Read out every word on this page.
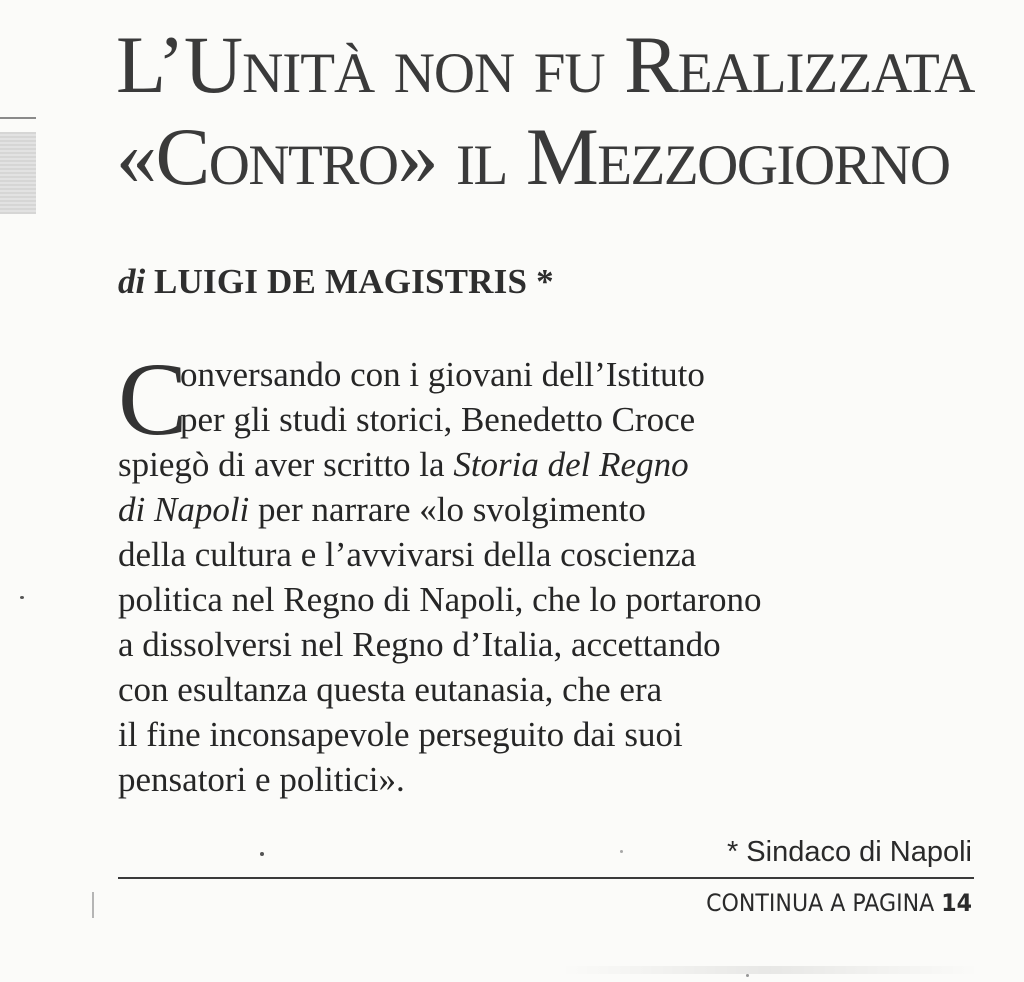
L’Unità non fu Realizzata
«Contro» il Mezzogiorno

di LUIGI DE MAGISTRIS *

C
onversando con i giovani dell’Istituto
per gli studi storici, Benedetto Croce
spiegò di aver scritto la Storia del Regno
di Napoli per narrare «lo svolgimento
della cultura e l’avvivarsi della coscienza
politica nel Regno di Napoli, che lo portarono
a dissolversi nel Regno d’Italia, accettando
con esultanza questa eutanasia, che era
il fine inconsapevole perseguito dai suoi
pensatori e politici».

* Sindaco di Napoli

CONTINUA A PAGINA 14
